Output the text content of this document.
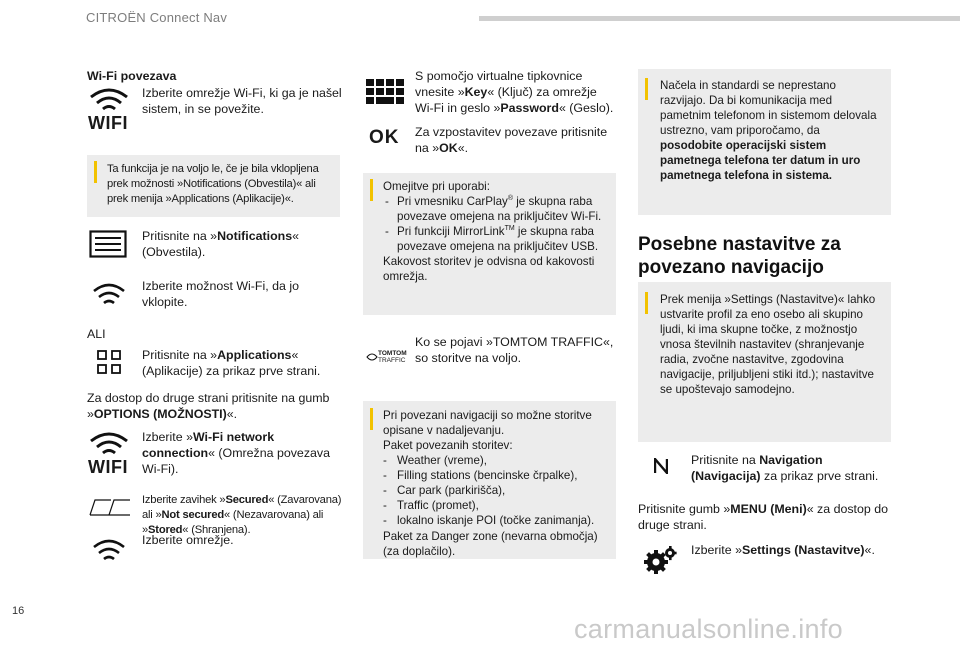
CITROËN Connect Nav
Wi-Fi povezava
WIFI
Izberite omrežje Wi-Fi, ki ga je našel sistem, in se povežite.
Ta funkcija je na voljo le, če je bila vklopljena prek možnosti »Notifications (Obvestila)« ali prek menija »Applications (Aplikacije)«.
Pritisnite na »Notifications« (Obvestila).
Izberite možnost Wi-Fi, da jo vklopite.
ALI
Pritisnite na »Applications« (Aplikacije) za prikaz prve strani.
Za dostop do druge strani pritisnite na gumb »OPTIONS (MOŽNOSTI)«.
WIFI
Izberite »Wi-Fi network connection« (Omrežna povezava Wi-Fi).
Izberite zavihek »Secured« (Zavarovana) ali »Not secured« (Nezavarovana) ali »Stored« (Shranjena).
Izberite omrežje.
S pomočjo virtualne tipkovnice vnesite »Key« (Ključ) za omrežje Wi-Fi in geslo »Password« (Geslo).
OK Za vzpostavitev povezave pritisnite na »OK«.
Omejitve pri uporabi:
- Pri vmesniku CarPlay® je skupna raba povezave omejena na priključitev Wi-Fi.
- Pri funkciji MirrorLink™ je skupna raba povezave omejena na priključitev USB.
Kakovost storitev je odvisna od kakovosti omrežja.
TOMTOM
TRAFFIC
Ko se pojavi »TOMTOM TRAFFIC«, so storitve na voljo.
Pri povezani navigaciji so možne storitve opisane v nadaljevanju.
Paket povezanih storitev:
- Weather (vreme),
- Filling stations (bencinske črpalke),
- Car park (parkirišča),
- Traffic (promet),
- lokalno iskanje POI (točke zanimanja).
Paket za Danger zone (nevarna območja) (za doplačilo).
Načela in standardi se neprestano razvijajo. Da bi komunikacija med pametnim telefonom in sistemom delovala ustrezno, vam priporočamo, da posodobite operacijski sistem pametnega telefona ter datum in uro pametnega telefona in sistema.
Posebne nastavitve za povezano navigacijo
Prek menija »Settings (Nastavitve)« lahko ustvarite profil za eno osebo ali skupino ljudi, ki ima skupne točke, z možnostjo vnosa številnih nastavitev (shranjevanje radia, zvočne nastavitve, zgodovina navigacije, priljubljeni stiki itd.); nastavitve se upoštevajo samodejno.
Pritisnite na Navigation (Navigacija) za prikaz prve strani.
Pritisnite gumb »MENU (Meni)« za dostop do druge strani.
Izberite »Settings (Nastavitve)«.
16
carmanualsonline.info
